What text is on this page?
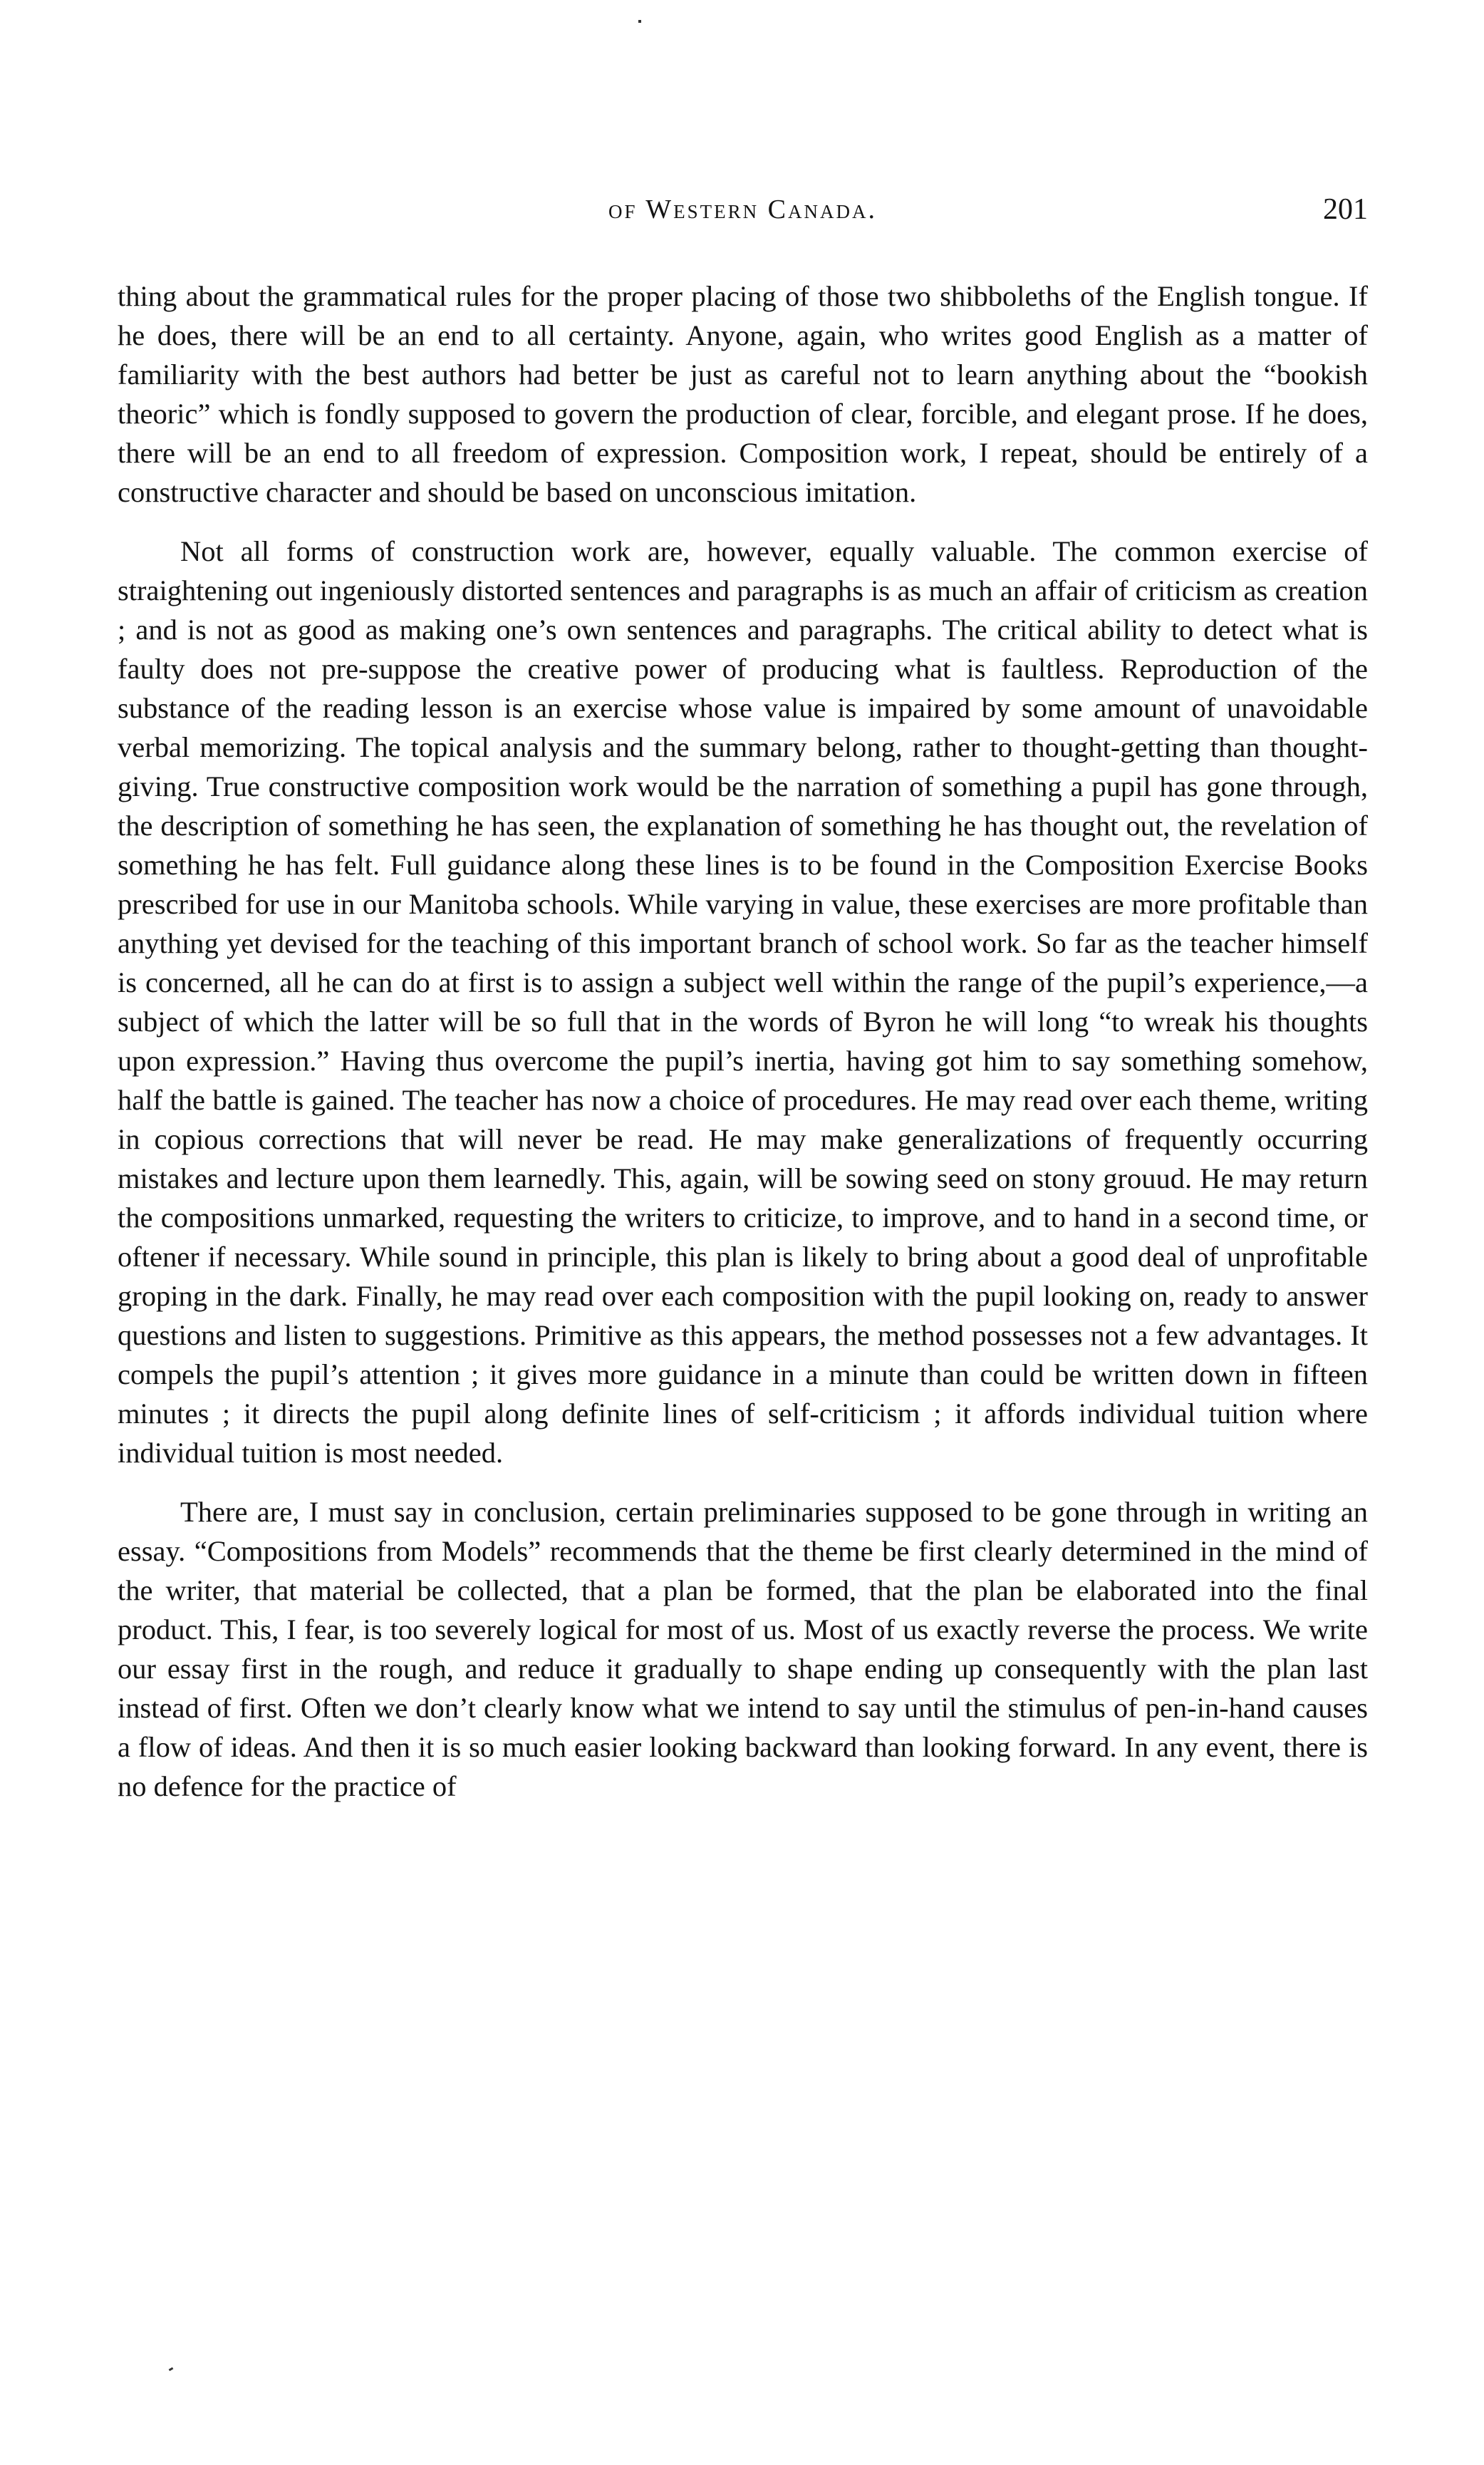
of Western Canada.	201

thing about the grammatical rules for the proper placing of those two shibboleths of the English tongue. If he does, there will be an end to all certainty. Anyone, again, who writes good English as a matter of familiarity with the best authors had better be just as careful not to learn anything about the “bookish theoric” which is fondly supposed to govern the production of clear, forcible, and elegant prose. If he does, there will be an end to all freedom of expression. Composition work, I repeat, should be entirely of a constructive character and should be based on unconscious imitation.

Not all forms of construction work are, however, equally valuable. The common exercise of straightening out ingeniously distorted sentences and paragraphs is as much an affair of criticism as creation ; and is not as good as making one’s own sentences and paragraphs. The critical ability to detect what is faulty does not pre-suppose the creative power of producing what is faultless. Reproduction of the substance of the reading lesson is an exercise whose value is impaired by some amount of unavoidable verbal memorizing. The topical analysis and the summary belong, rather to thought-getting than thought-giving. True constructive composition work would be the narration of something a pupil has gone through, the description of something he has seen, the explanation of something he has thought out, the revelation of something he has felt. Full guidance along these lines is to be found in the Composition Exercise Books prescribed for use in our Manitoba schools. While varying in value, these exercises are more profitable than anything yet devised for the teaching of this important branch of school work. So far as the teacher himself is concerned, all he can do at first is to assign a subject well within the range of the pupil’s experience,—a subject of which the latter will be so full that in the words of Byron he will long “to wreak his thoughts upon expression.” Having thus overcome the pupil’s inertia, having got him to say something somehow, half the battle is gained. The teacher has now a choice of procedures. He may read over each theme, writing in copious corrections that will never be read. He may make generalizations of frequently occurring mistakes and lecture upon them learnedly. This, again, will be sowing seed on stony grouud. He may return the compositions unmarked, requesting the writers to criticize, to improve, and to hand in a second time, or oftener if necessary. While sound in principle, this plan is likely to bring about a good deal of unprofitable groping in the dark. Finally, he may read over each composition with the pupil looking on, ready to answer questions and listen to suggestions. Primitive as this appears, the method possesses not a few advantages. It compels the pupil’s attention ; it gives more guidance in a minute than could be written down in fifteen minutes ; it directs the pupil along definite lines of self-criticism ; it affords individual tuition where individual tuition is most needed.

There are, I must say in conclusion, certain preliminaries supposed to be gone through in writing an essay. “Compositions from Models” recommends that the theme be first clearly determined in the mind of the writer, that material be collected, that a plan be formed, that the plan be elaborated into the final product. This, I fear, is too severely logical for most of us. Most of us exactly reverse the process. We write our essay first in the rough, and reduce it gradually to shape ending up consequently with the plan last instead of first. Often we don’t clearly know what we intend to say until the stimulus of pen-in-hand causes a flow of ideas. And then it is so much easier looking backward than looking forward. In any event, there is no defence for the practice of
